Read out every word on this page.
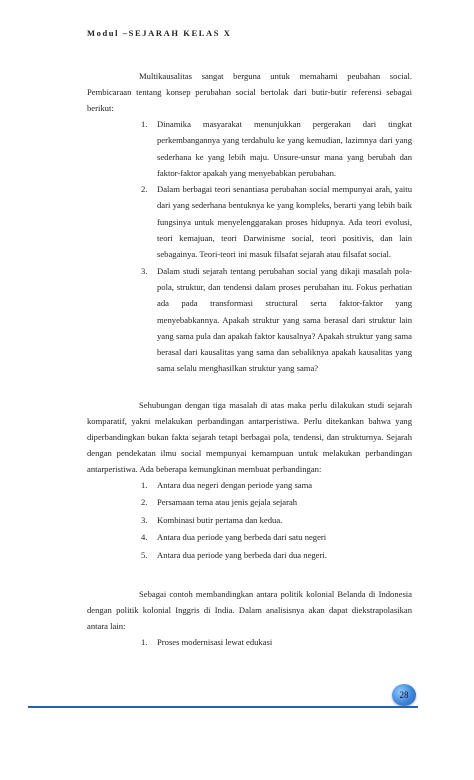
Modul –SEJARAH KELAS X

Multikausalitas sangat berguna untuk memahami peubahan social. Pembicaraan tentang konsep perubahan social bertolak dari butir-butir referensi sebagai berikut:

1. Dinamika masyarakat menunjukkan pergerakan dari tingkat perkembangannya yang terdahulu ke yang kemudian, lazimnya dari yang sederhana ke yang lebih maju. Unsure-unsur mana yang berubah dan faktor-faktor apakah yang menyebabkan perubahan.
2. Dalam berbagai teori senantiasa perubahan social mempunyai arah, yaitu dari yang sederhana bentuknya ke yang kompleks, berarti yang lebih baik fungsinya untuk menyelenggarakan proses hidupnya. Ada teori evolusi, teori kemajuan, teori Darwinisme social, teori positivis, dan lain sebagainya. Teori-teori ini masuk filsafat sejarah atau filsafat social.
3. Dalam studi sejarah tentang perubahan social yang dikaji masalah pola-pola, struktur, dan tendensi dalam proses perubahan itu. Fokus perhatian ada pada transformasi structural serta faktor-faktor yang menyebabkannya. Apakah struktur yang sama berasal dari struktur lain yang sama pula dan apakah faktor kausalnya? Apakah struktur yang sama berasal dari kausalitas yang sama dan sebaliknya apakah kausalitas yang sama selalu menghasilkan struktur yang sama?

Sehubungan dengan tiga masalah di atas maka perlu dilakukan studi sejarah komparatif, yakni melakukan perbandingan antarperistiwa. Perlu ditekankan bahwa yang diperbandingkan bukan fakta sejarah tetapi berbagai pola, tendensi, dan strukturnya. Sejarah dengan pendekatan ilmu social mempunyai kemampuan untuk melakukan perbandingan antarperistiwa. Ada beberapa kemungkinan membuat perbandingan:

1. Antara dua negeri dengan periode yang sama
2. Persamaan tema atau jenis gejala sejarah
3. Kombinasi butir pertama dan kedua.
4. Antara dua periode yang berbeda dari satu negeri
5. Antara dua periode yang berbeda dari dua negeri.

Sebagai contoh membandingkan antara politik kolonial Belanda di Indonesia dengan politik kolonial Inggris di India. Dalam analisisnya akan dapat diekstrapolasikan antara lain:

1. Proses modernisasi lewat edukasi
28
